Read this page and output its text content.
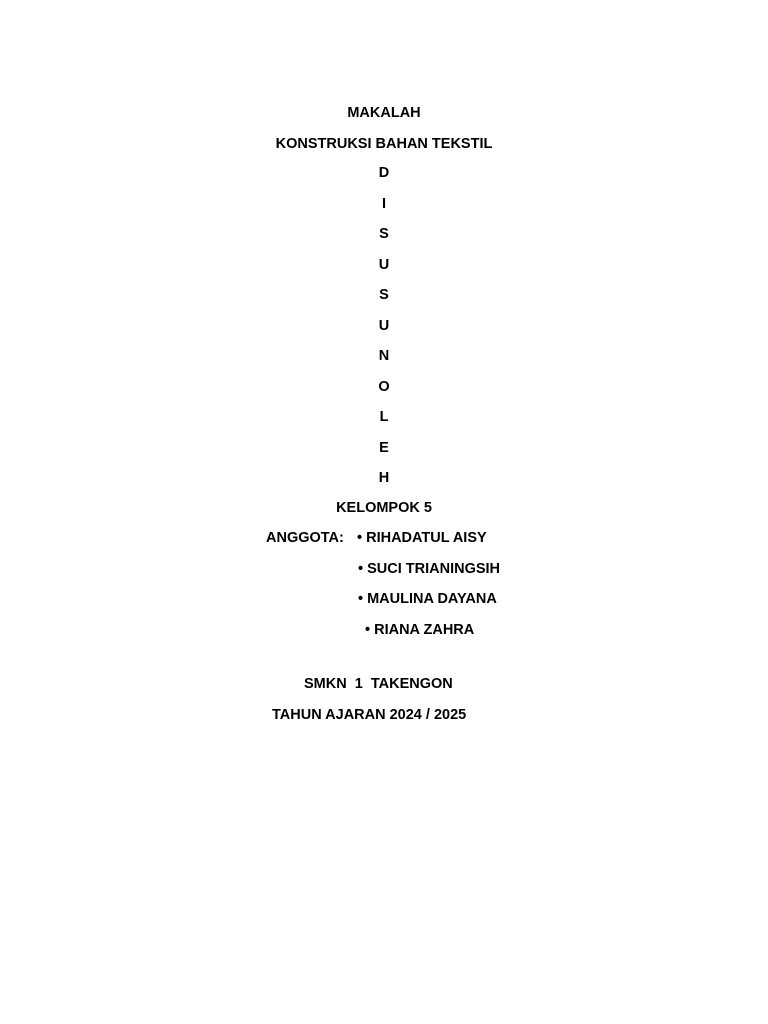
MAKALAH
KONSTRUKSI BAHAN TEKSTIL
D
I
S
U
S
U
N
O
L
E
H
KELOMPOK 5
ANGGOTA: • RIHADATUL AISY
• SUCI TRIANINGSIH
• MAULINA DAYANA
• RIANA ZAHRA
SMKN  1  TAKENGON
TAHUN AJARAN 2024 / 2025
